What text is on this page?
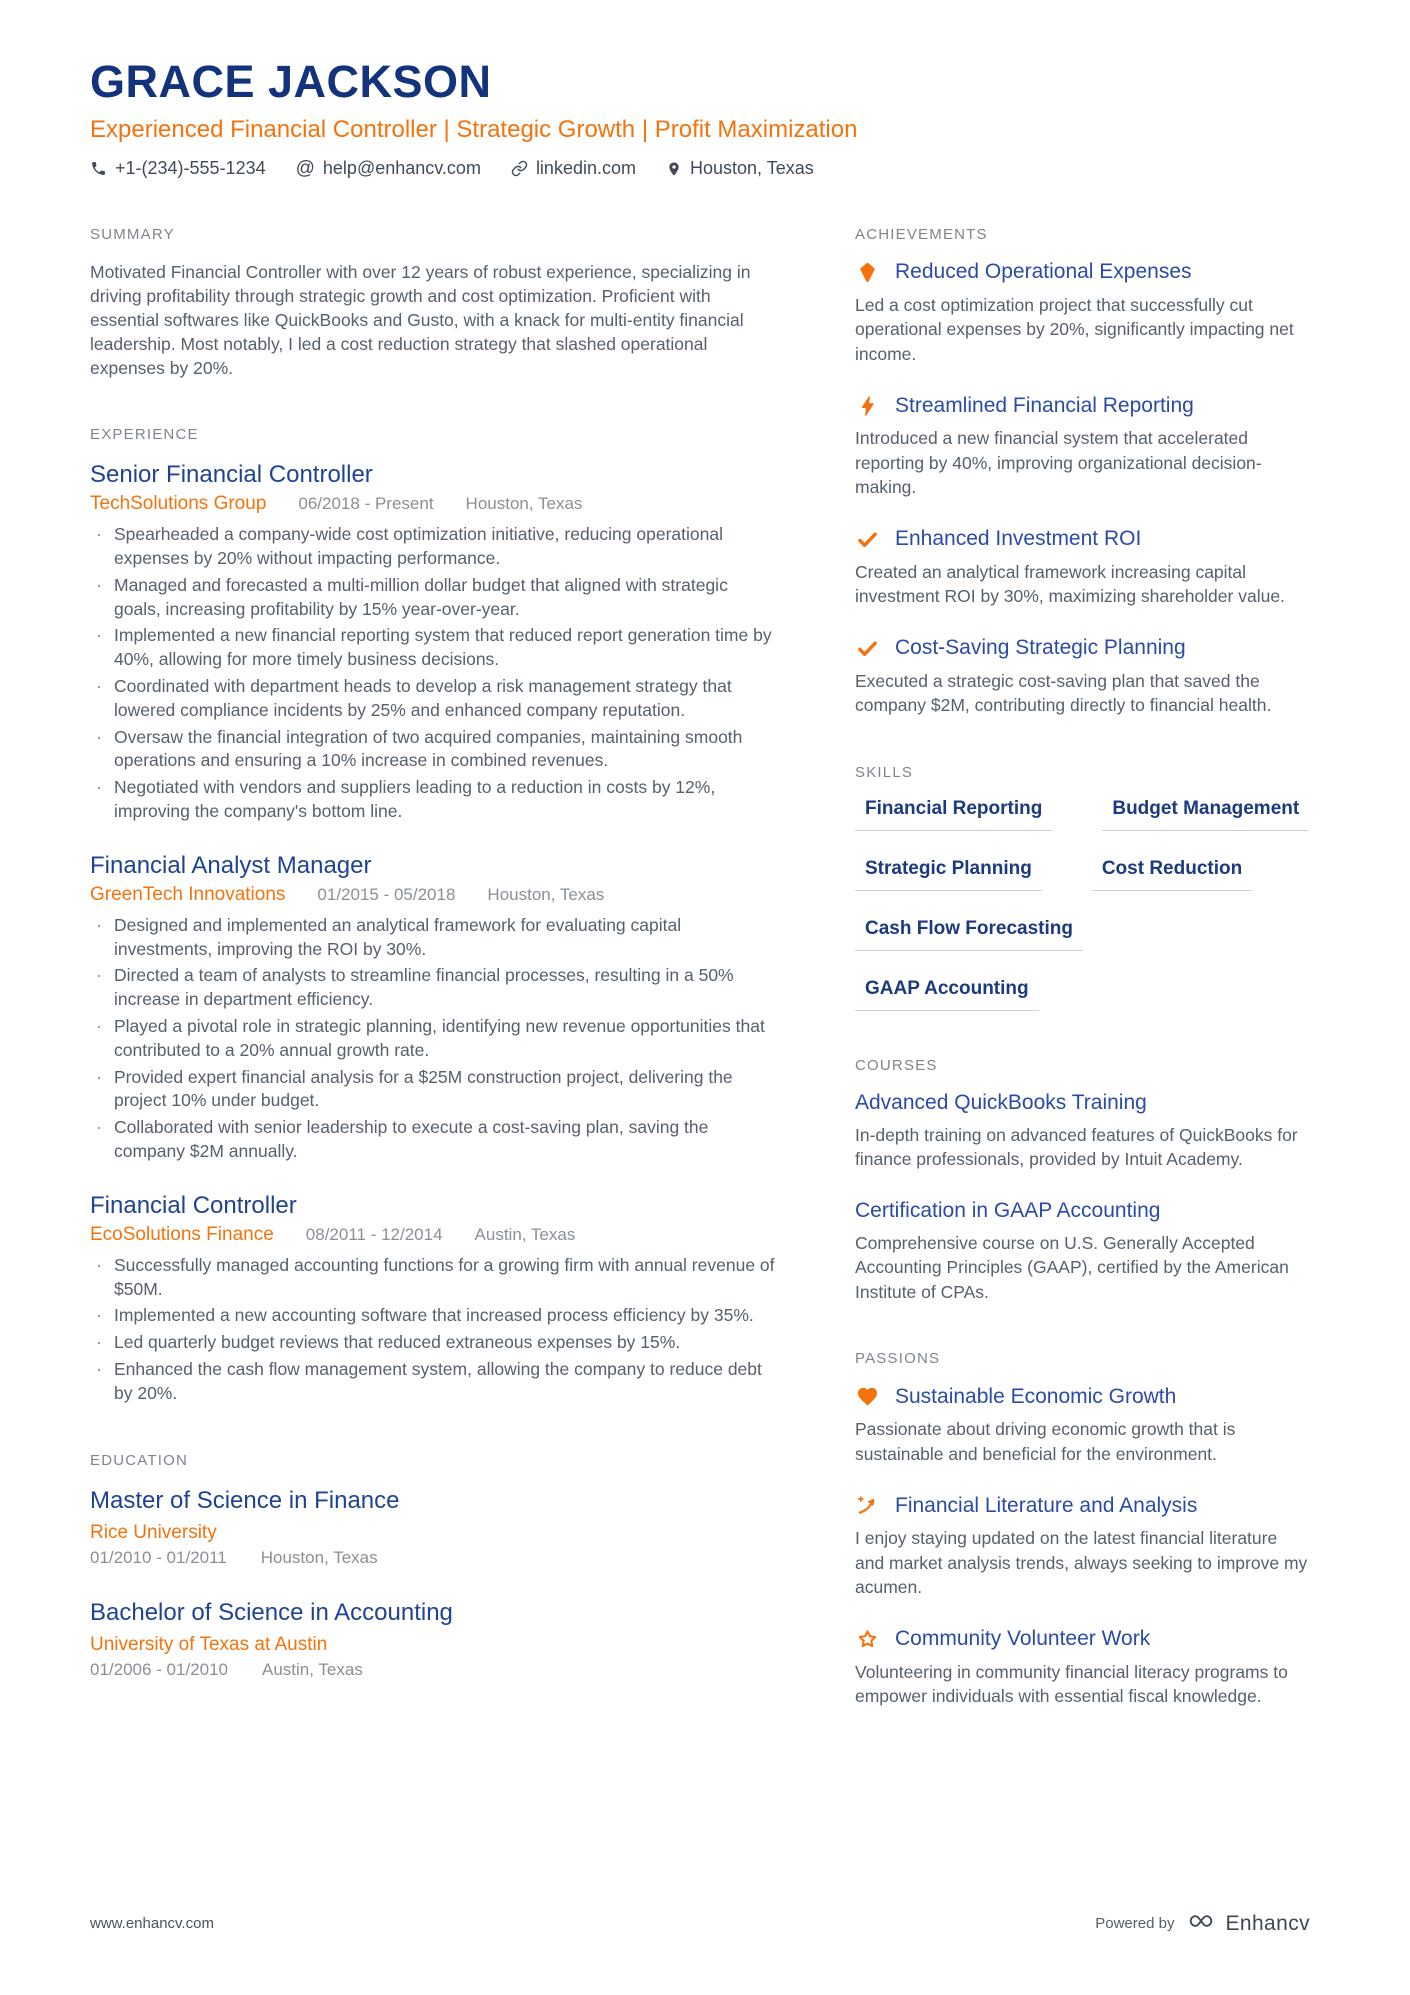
GRACE JACKSON
Experienced Financial Controller | Strategic Growth | Profit Maximization
+1-(234)-555-1234 @ help@enhancv.com	linkedin.com	Houston, Texas
SUMMARY

Motivated Financial Controller with over 12 years of robust experience, specializing in driving profitability through strategic growth and cost optimization. Proficient with essential softwares like QuickBooks and Gusto, with a knack for multi-entity financial leadership. Most notably, I led a cost reduction strategy that slashed operational expenses by 20%.

EXPERIENCE
Senior Financial Controller
TechSolutions Group 06/2018 - Present Houston, Texas
· Spearheaded a company-wide cost optimization initiative, reducing operational expenses by 20% without impacting performance.
· Managed and forecasted a multi-million dollar budget that aligned with strategic goals, increasing profitability by 15% year-over-year.
· Implemented a new financial reporting system that reduced report generation time by 40%, allowing for more timely business decisions.
· Coordinated with department heads to develop a risk management strategy that lowered compliance incidents by 25% and enhanced company reputation.
· Oversaw the financial integration of two acquired companies, maintaining smooth operations and ensuring a 10% increase in combined revenues.
· Negotiated with vendors and suppliers leading to a reduction in costs by 12%, improving the company's bottom line.
Financial Analyst Manager
GreenTech Innovations 01/2015 - 05/2018 Houston, Texas
· Designed and implemented an analytical framework for evaluating capital investments, improving the ROI by 30%.
· Directed a team of analysts to streamline financial processes, resulting in a 50% increase in department efficiency.
· Played a pivotal role in strategic planning, identifying new revenue opportunities that contributed to a 20% annual growth rate.
· Provided expert financial analysis for a $25M construction project, delivering the project 10% under budget.
· Collaborated with senior leadership to execute a cost-saving plan, saving the company $2M annually.
Financial Controller
EcoSolutions Finance 08/2011 - 12/2014 Austin, Texas
· Successfully managed accounting functions for a growing firm with annual revenue of $50M.
· Implemented a new accounting software that increased process efficiency by 35%.
· Led quarterly budget reviews that reduced extraneous expenses by 15%.
· Enhanced the cash flow management system, allowing the company to reduce debt by 20%.
EDUCATION
Master of Science in Finance
Rice University
01/2010 - 01/2011 Houston, Texas
Bachelor of Science in Accounting
University of Texas at Austin
01/2006 - 01/2010 Austin, Texas
ACHIEVEMENTS
Reduced Operational Expenses

Led a cost optimization project that successfully cut operational expenses by 20%, significantly impacting net income.

Streamlined Financial Reporting

Introduced a new financial system that accelerated reporting by 40%, improving organizational decision-making.

Enhanced Investment ROI

Created an analytical framework increasing capital investment ROI by 30%, maximizing shareholder value.

Cost-Saving Strategic Planning

Executed a strategic cost-saving plan that saved the company $2M, contributing directly to financial health.

SKILLS
Financial Reporting	Budget Management
Strategic Planning	Cost Reduction
Cash Flow Forecasting
GAAP Accounting
COURSES
Advanced QuickBooks Training

In-depth training on advanced features of QuickBooks for finance professionals, provided by Intuit Academy.

Certification in GAAP Accounting

Comprehensive course on U.S. Generally Accepted Accounting Principles (GAAP), certified by the American Institute of CPAs.

PASSIONS
Sustainable Economic Growth

Passionate about driving economic growth that is sustainable and beneficial for the environment.

Financial Literature and Analysis

I enjoy staying updated on the latest financial literature and market analysis trends, always seeking to improve my acumen.

Community Volunteer Work

Volunteering in community financial literacy programs to empower individuals with essential fiscal knowledge.

www.enhancv.com	Powered by Enhancv
